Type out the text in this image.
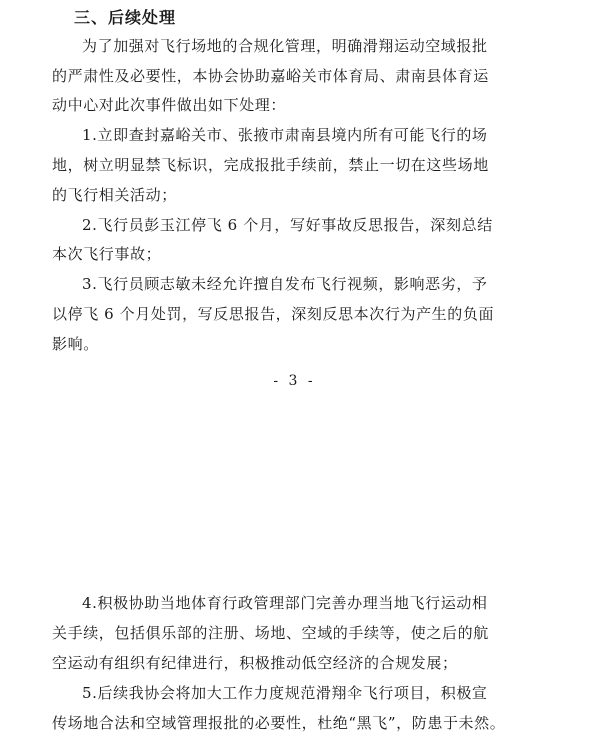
三、后续处理
为了加强对飞行场地的合规化管理，明确滑翔运动空域报批
的严肃性及必要性，本协会协助嘉峪关市体育局、肃南县体育运
动中心对此次事件做出如下处理：
1.立即查封嘉峪关市、张掖市肃南县境内所有可能飞行的场
地，树立明显禁飞标识，完成报批手续前，禁止一切在这些场地
的飞行相关活动；
2.飞行员彭玉江停飞 6 个月，写好事故反思报告，深刻总结
本次飞行事故；
3.飞行员顾志敏未经允许擅自发布飞行视频，影响恶劣，予
以停飞 6 个月处罚，写反思报告，深刻反思本次行为产生的负面
影响。
- 3 -
4.积极协助当地体育行政管理部门完善办理当地飞行运动相
关手续，包括俱乐部的注册、场地、空域的手续等，使之后的航
空运动有组织有纪律进行，积极推动低空经济的合规发展；
5.后续我协会将加大工作力度规范滑翔伞飞行项目，积极宣
传场地合法和空域管理报批的必要性，杜绝“黑飞”，防患于未然。
